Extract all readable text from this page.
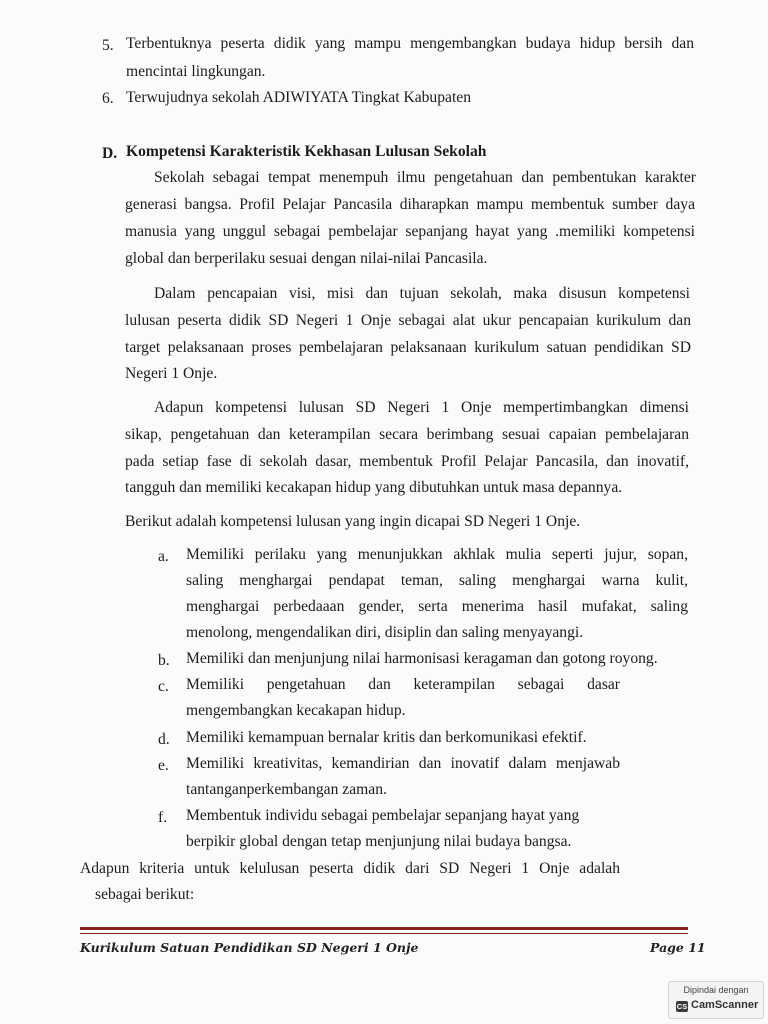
5. Terbentuknya peserta didik yang mampu mengembangkan budaya hidup bersih dan
mencintai lingkungan.
6. Terwujudnya sekolah ADIWIYATA Tingkat Kabupaten
D. Kompetensi Karakteristik Kekhasan Lulusan Sekolah
Sekolah sebagai tempat menempuh ilmu pengetahuan dan pembentukan karakter
generasi bangsa. Profil Pelajar Pancasila diharapkan mampu membentuk sumber daya
manusia yang unggul sebagai pembelajar sepanjang hayat yang .memiliki kompetensi
global dan berperilaku sesuai dengan nilai-nilai Pancasila.
Dalam pencapaian visi, misi dan tujuan sekolah, maka disusun kompetensi
lulusan peserta didik SD Negeri 1 Onje sebagai alat ukur pencapaian kurikulum dan
target pelaksanaan proses pembelajaran pelaksanaan kurikulum satuan pendidikan SD
Negeri 1 Onje.
Adapun kompetensi lulusan SD Negeri 1 Onje mempertimbangkan dimensi
sikap, pengetahuan dan keterampilan secara berimbang sesuai capaian pembelajaran
pada setiap fase di sekolah dasar, membentuk Profil Pelajar Pancasila, dan inovatif,
tangguh dan memiliki kecakapan hidup yang dibutuhkan untuk masa depannya.
Berikut adalah kompetensi lulusan yang ingin dicapai SD Negeri 1 Onje.
a. Memiliki perilaku yang menunjukkan akhlak mulia seperti jujur, sopan,
saling menghargai pendapat teman, saling menghargai warna kulit,
menghargai perbedaaan gender, serta menerima hasil mufakat, saling
menolong, mengendalikan diri, disiplin dan saling menyayangi.
b. Memiliki dan menjunjung nilai harmonisasi keragaman dan gotong royong.
c. Memiliki pengetahuan dan keterampilan sebagai dasar
mengembangkan kecakapan hidup.
d. Memiliki kemampuan bernalar kritis dan berkomunikasi efektif.
e. Memiliki kreativitas, kemandirian dan inovatif dalam menjawab
tantanganperkembangan zaman.
f. Membentuk individu sebagai pembelajar sepanjang hayat yang
berpikir global dengan tetap menjunjung nilai budaya bangsa.
Adapun kriteria untuk kelulusan peserta didik dari SD Negeri 1 Onje adalah
sebagai berikut:
Kurikulum Satuan Pendidikan SD Negeri 1 Onje	Page 11
Dipindai dengan
CS CamScanner
